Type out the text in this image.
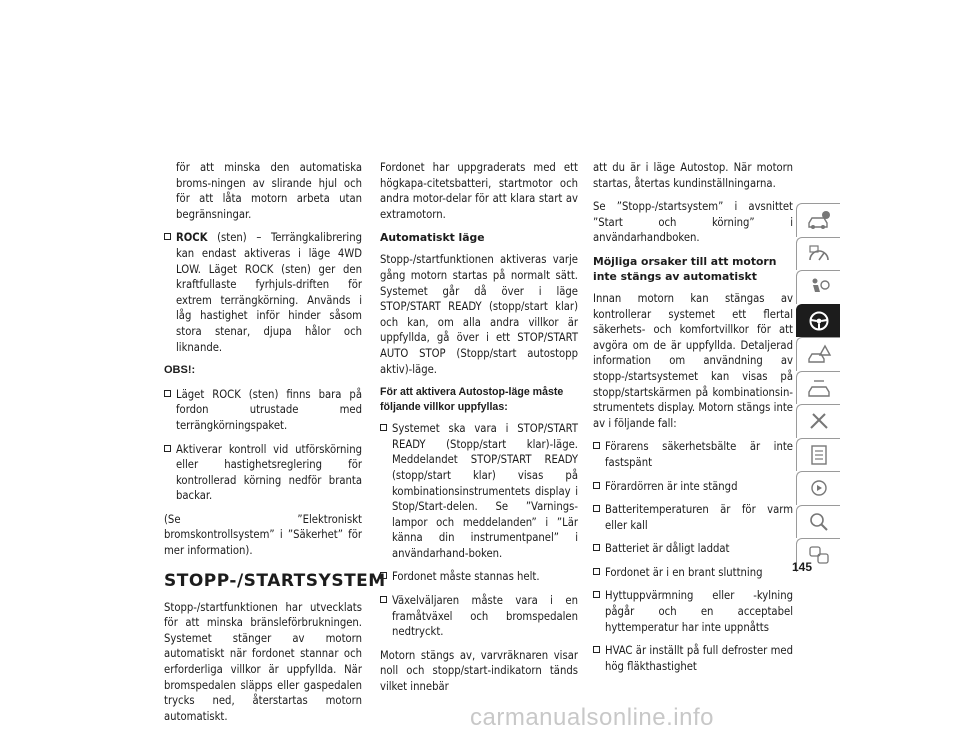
för att minska den automatiska broms-ningen av slirande hjul och för att låta motorn arbeta utan begränsningar.

ROCK (sten) – Terrängkalibrering kan endast aktiveras i läge 4WD LOW. Läget ROCK (sten) ger den kraftfullaste fyrhjuls-driften för extrem terrängkörning. Används i låg hastighet inför hinder såsom stora stenar, djupa hålor och liknande.
OBS!:
Läget ROCK (sten) finns bara på fordon utrustade med terrängkörningspaket.
Aktiverar kontroll vid utförskörning eller hastighetsreglering för kontrollerad körning nedför branta backar.

(Se ”Elektroniskt bromskontrollsystem” i ”Säkerhet” för mer information).

STOPP-/STARTSYSTEM

Stopp-/startfunktionen har utvecklats för att minska bränsleförbrukningen. Systemet stänger av motorn automatiskt när fordonet stannar och erforderliga villkor är uppfyllda. När bromspedalen släpps eller gaspedalen trycks ned, återstartas motorn automatiskt.

Fordonet har uppgraderats med ett högkapa-citetsbatteri, startmotor och andra motor-delar för att klara start av extramotorn.

Automatiskt läge

Stopp-/startfunktionen aktiveras varje gång motorn startas på normalt sätt. Systemet går då över i läge STOP/START READY (stopp/start klar) och kan, om alla andra villkor är uppfyllda, gå över i ett STOP/START AUTO STOP (Stopp/start autostopp aktiv)-läge.

För att aktivera Autostop-läge måste följande villkor uppfyllas:
Systemet ska vara i STOP/START READY (Stopp/start klar)-läge. Meddelandet STOP/START READY (stopp/start klar) visas på kombinationsinstrumentets display i Stop/Start-delen. Se ”Varnings-lampor och meddelanden” i ”Lär känna din instrumentpanel” i användarhand-boken.
Fordonet måste stannas helt.
Växelväljaren måste vara i en framåtväxel och bromspedalen nedtryckt.

Motorn stängs av, varvräknaren visar noll och stopp/start-indikatorn tänds vilket innebär

att du är i läge Autostop. När motorn startas, återtas kundinställningarna.

Se ”Stopp-/startsystem” i avsnittet ”Start och körning” i användarhandboken.

Möjliga orsaker till att motorn inte stängs av automatiskt

Innan motorn kan stängas av kontrollerar systemet ett flertal säkerhets- och komfortvillkor för att avgöra om de är uppfyllda. Detaljerad information om användning av stopp-/startsystemet kan visas på stopp/startskärmen på kombinationsin-strumentets display. Motorn stängs inte av i följande fall:

Förarens säkerhetsbälte är inte fastspänt
Förardörren är inte stängd
Batteritemperaturen är för varm eller kall
Batteriet är dåligt laddat
Fordonet är i en brant sluttning
Hyttuppvärmning eller -kylning pågår och en acceptabel hyttemperatur har inte uppnåtts
HVAC är inställt på full defroster med hög fläkthastighet
145
carmanualsonline.info
